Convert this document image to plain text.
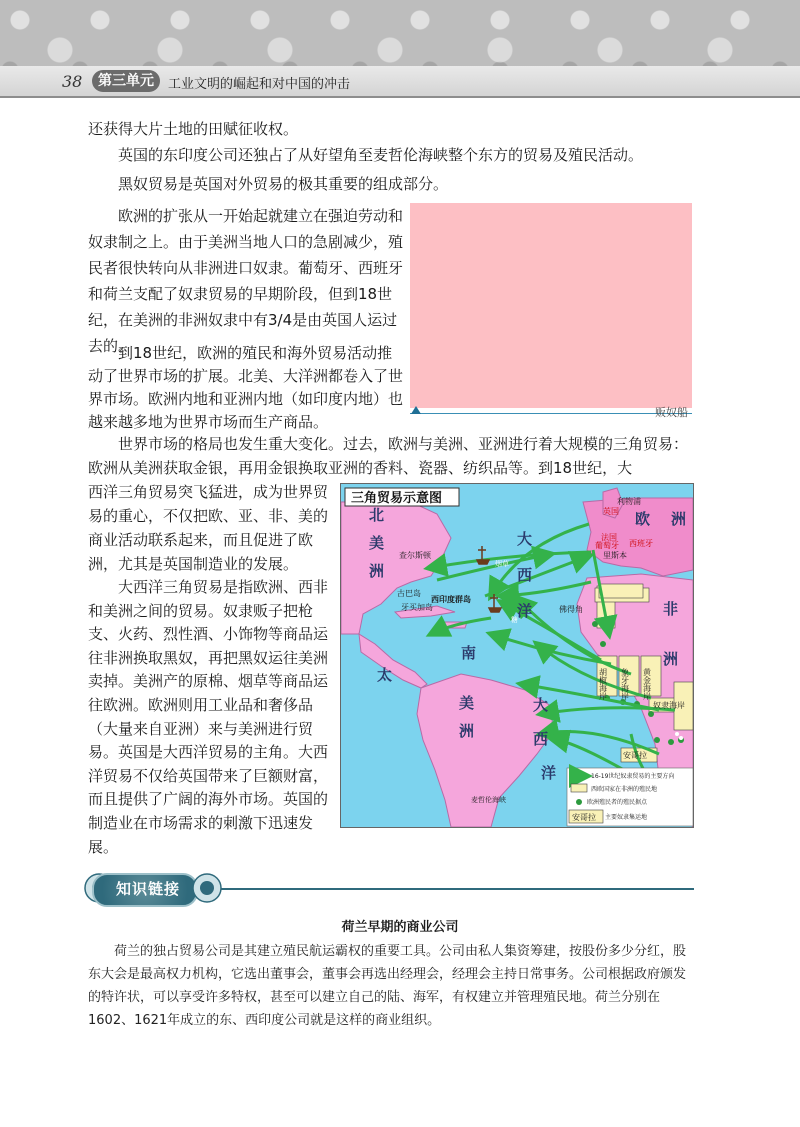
38	第三单元	工业文明的崛起和对中国的冲击

还获得大片土地的田赋征收权。

英国的东印度公司还独占了从好望角至麦哲伦海峡整个东方的贸易及殖民活动。

黑奴贸易是英国对外贸易的极其重要的组成部分。

欧洲的扩张从一开始起就建立在强迫劳动和奴隶制之上。由于美洲当地人口的急剧减少，殖民者很快转向从非洲进口奴隶。葡萄牙、西班牙和荷兰支配了奴隶贸易的早期阶段，但到18世纪，在美洲的非洲奴隶中有3/4是由英国人运过去的。

到18世纪，欧洲的殖民和海外贸易活动推动了世界市场的扩展。北美、大洋洲都卷入了世界市场。欧洲内地和亚洲内地（如印度内地）也越来越多地为世界市场而生产商品。

世界市场的格局也发生重大变化。过去，欧洲与美洲、亚洲进行着大规模的三角贸易：欧洲从美洲获取金银，再用金银换取亚洲的香料、瓷器、纺织品等。到18世纪，大

西洋三角贸易突飞猛进，成为世界贸易的重心，不仅把欧、亚、非、美的商业活动联系起来，而且促进了欧洲，尤其是英国制造业的发展。

大西洋三角贸易是指欧洲、西非和美洲之间的贸易。奴隶贩子把枪支、火药、烈性酒、小饰物等商品运往非洲换取黑奴，再把黑奴运往美洲卖掉。美洲产的原棉、烟草等商品运往欧洲。欧洲则用工业品和奢侈品（大量来自亚洲）来与美洲进行贸易。英国是大西洋贸易的主角。大西洋贸易不仅给英国带来了巨额财富，而且提供了广阔的海外市场。英国的制造业在市场需求的刺激下迅速发展。

贩奴船
三角贸易示意图
北
美
洲
南
美
洲
大
西
洋
大
西
洋
欧 洲
非
洲
太
利物浦
英国
法国
葡萄牙 西班牙
里斯本
查尔斯顿
古巴岛
牙买加岛
西印度群岛
佛得角
烟草
糖
麦哲伦海峡
奴隶海岸
安哥拉
胡椒海岸 象牙海岸 黄金海岸
16-19世纪奴隶贸易的主要方向
西欧国家在非洲的殖民地
欧洲殖民者的殖民据点
主要奴隶集运地
安哥拉
知识链接
荷兰早期的商业公司

荷兰的独占贸易公司是其建立殖民航运霸权的重要工具。公司由私人集资筹建，按股份多少分红，股东大会是最高权力机构，它选出董事会，董事会再选出经理会，经理会主持日常事务。公司根据政府颁发的特许状，可以享受许多特权，甚至可以建立自己的陆、海军，有权建立并管理殖民地。荷兰分别在1602、1621年成立的东、西印度公司就是这样的商业组织。
